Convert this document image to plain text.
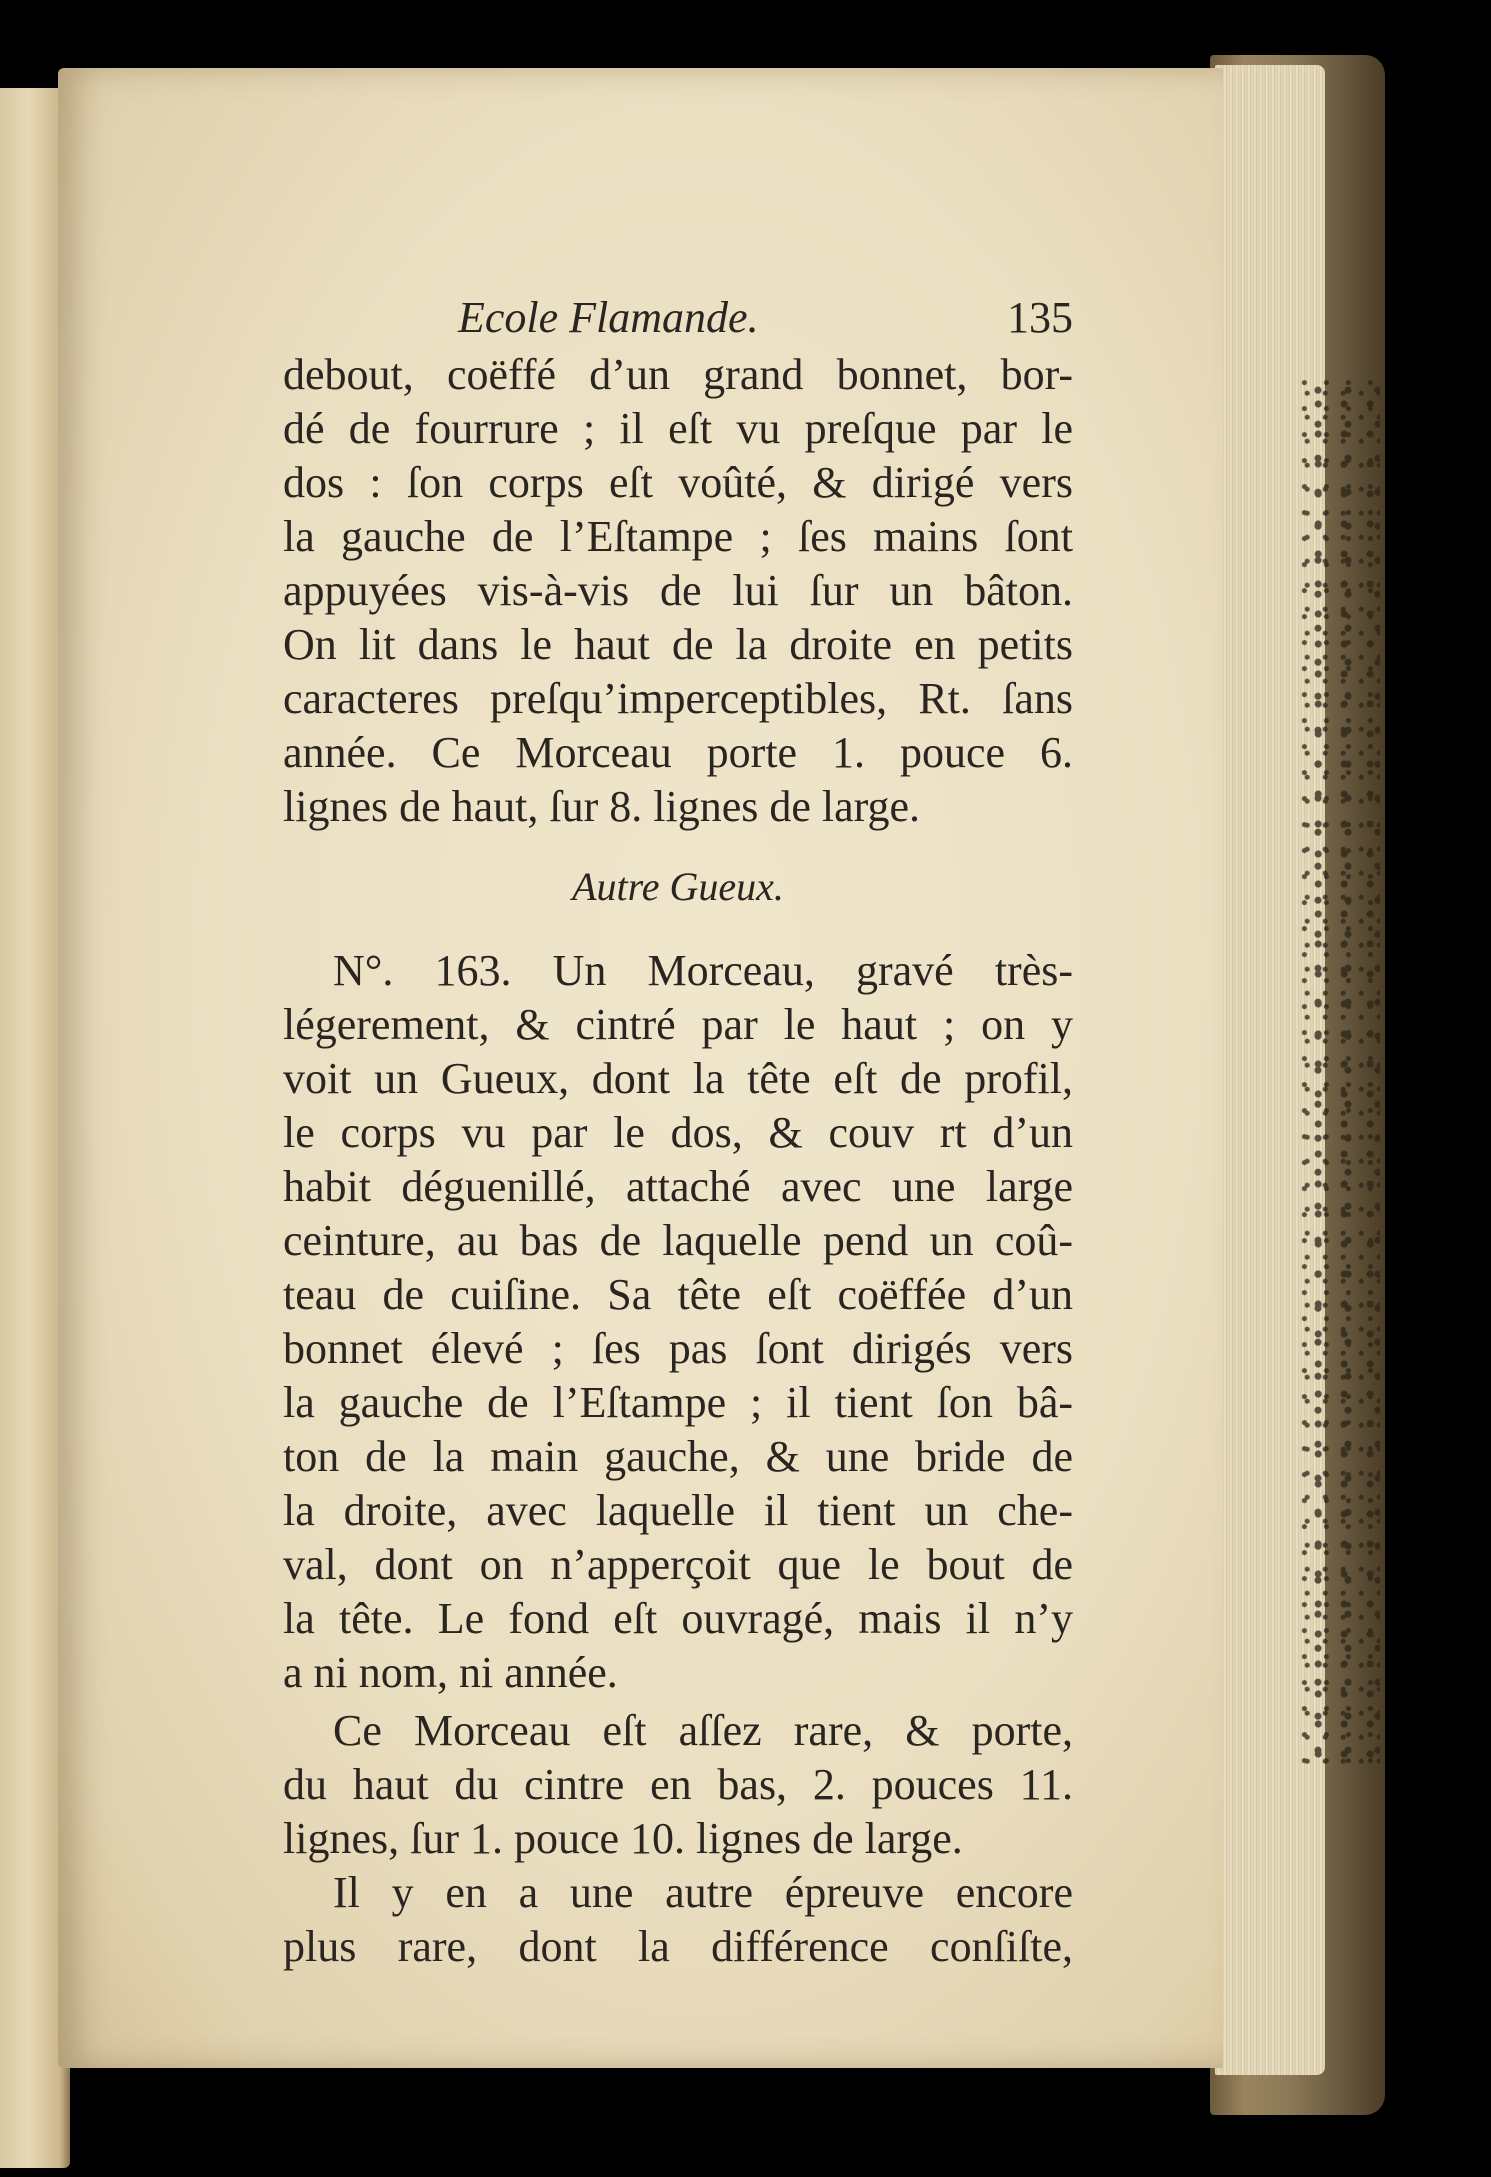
Ecole Flamande.	135
debout, coëffé d’un grand bonnet, bor-
dé de fourrure ; il eſt vu preſque par le
dos : ſon corps eſt voûté, & dirigé vers
la gauche de l’Eſtampe ; ſes mains ſont
appuyées vis-à-vis de lui ſur un bâton.
On lit dans le haut de la droite en petits
caracteres preſqu’imperceptibles, Rt. ſans
année. Ce Morceau porte 1. pouce 6.
lignes de haut, ſur 8. lignes de large.
Autre Gueux.
N°. 163. Un Morceau, gravé très-
légerement, & cintré par le haut ; on y
voit un Gueux, dont la tête eſt de profil,
le corps vu par le dos, & couv rt d’un
habit déguenillé, attaché avec une large
ceinture, au bas de laquelle pend un coû-
teau de cuiſine. Sa tête eſt coëffée d’un
bonnet élevé ; ſes pas ſont dirigés vers
la gauche de l’Eſtampe ; il tient ſon bâ-
ton de la main gauche, & une bride de
la droite, avec laquelle il tient un che-
val, dont on n’apperçoit que le bout de
la tête. Le fond eſt ouvragé, mais il n’y
a ni nom, ni année.
Ce Morceau eſt aſſez rare, & porte,
du haut du cintre en bas, 2. pouces 11.
lignes, ſur 1. pouce 10. lignes de large.
Il y en a une autre épreuve encore
plus rare, dont la différence conſiſte,
